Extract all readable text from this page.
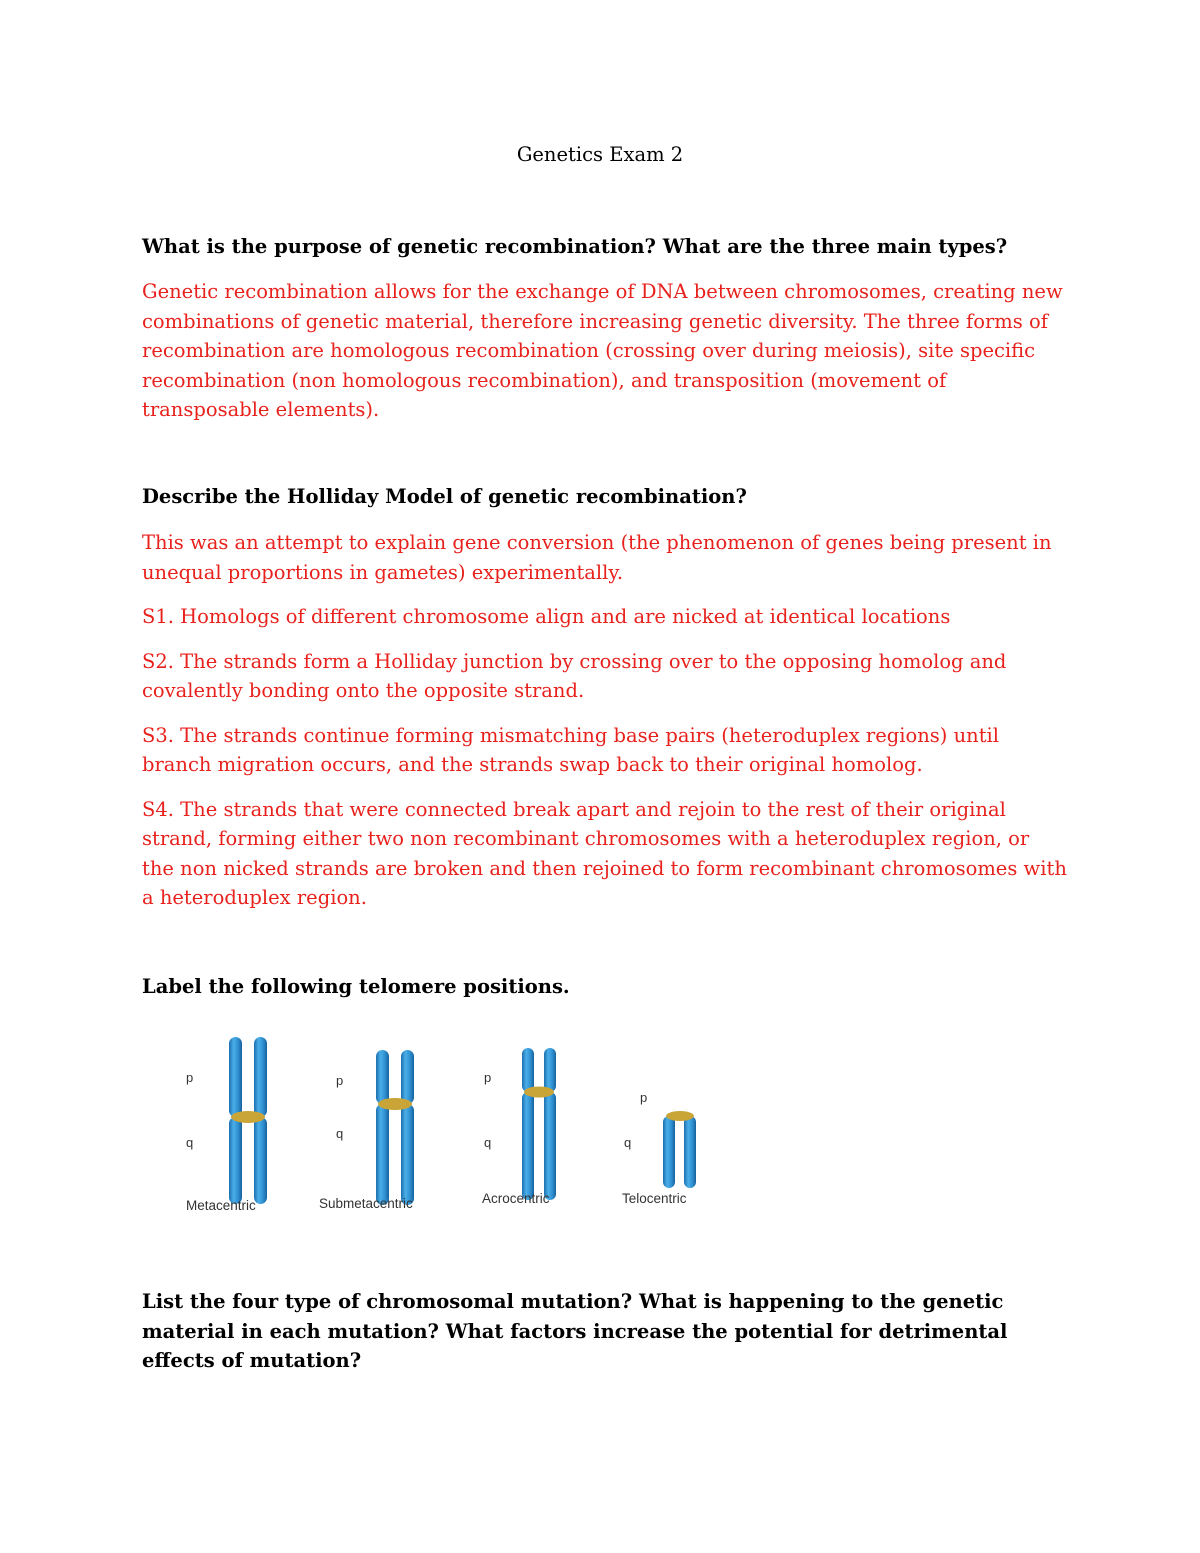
Genetics Exam 2
What is the purpose of genetic recombination? What are the three main types?

Genetic recombination allows for the exchange of DNA between chromosomes, creating new combinations of genetic material, therefore increasing genetic diversity. The three forms of recombination are homologous recombination (crossing over during meiosis), site specific recombination (non homologous recombination), and transposition (movement of transposable elements).

Describe the Holliday Model of genetic recombination?

This was an attempt to explain gene conversion (the phenomenon of genes being present in unequal proportions in gametes) experimentally.

S1. Homologs of different chromosome align and are nicked at identical locations

S2. The strands form a Holliday junction by crossing over to the opposing homolog and covalently bonding onto the opposite strand.

S3. The strands continue forming mismatching base pairs (heteroduplex regions) until branch migration occurs, and the strands swap back to their original homolog.

S4. The strands that were connected break apart and rejoin to the rest of their original strand, forming either two non recombinant chromosomes with a heteroduplex region, or the non nicked strands are broken and then rejoined to form recombinant chromosomes with a heteroduplex region.

Label the following telomere positions.
p
q
Metacentric
p
q
Submetacentric
p
q
Acrocentric
p
q
Telocentric
List the four type of chromosomal mutation? What is happening to the genetic material in each mutation? What factors increase the potential for detrimental effects of mutation?
